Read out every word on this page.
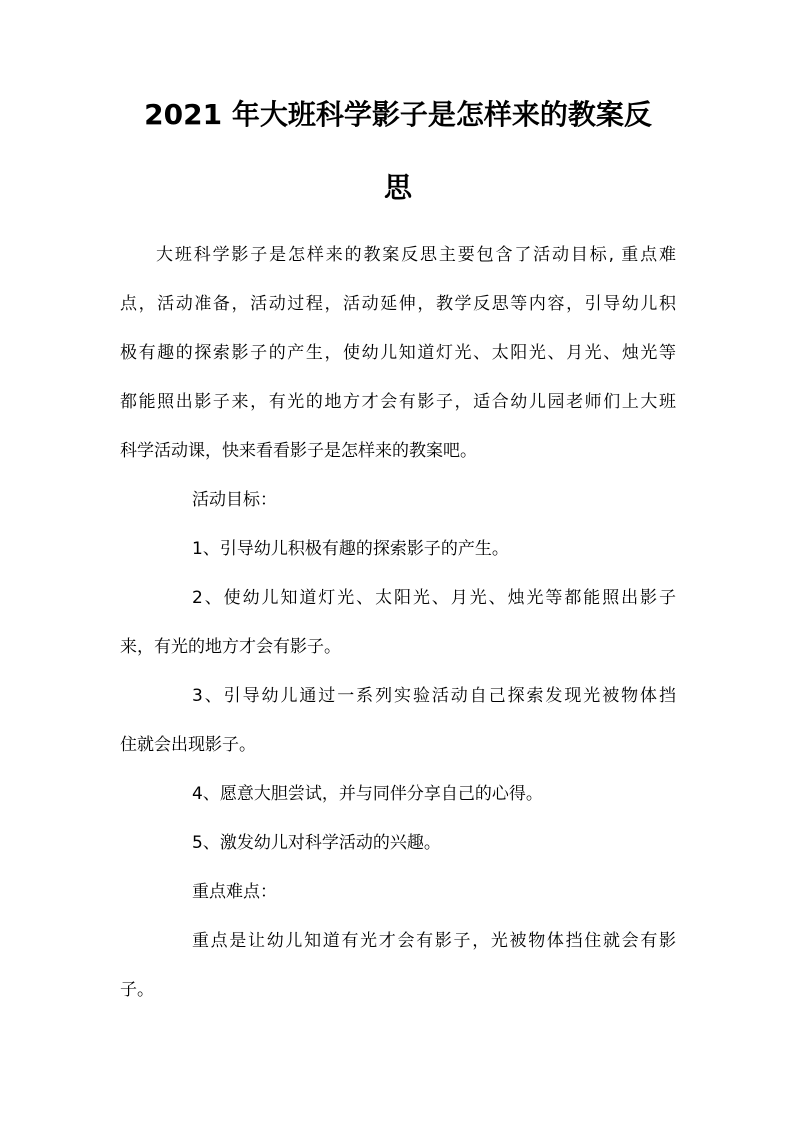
2021 年大班科学影子是怎样来的教案反
思
大班科学影子是怎样来的教案反思主要包含了活动目标, 重点难
点，活动准备，活动过程，活动延伸，教学反思等内容，引导幼儿积
极有趣的探索影子的产生，使幼儿知道灯光、太阳光、月光、烛光等
都能照出影子来，有光的地方才会有影子，适合幼儿园老师们上大班
科学活动课，快来看看影子是怎样来的教案吧。
活动目标：
1、引导幼儿积极有趣的探索影子的产生。
2、使幼儿知道灯光、太阳光、月光、烛光等都能照出影子
来，有光的地方才会有影子。
3、引导幼儿通过一系列实验活动自己探索发现光被物体挡
住就会出现影子。
4、愿意大胆尝试，并与同伴分享自己的心得。
5、激发幼儿对科学活动的兴趣。
重点难点：
重点是让幼儿知道有光才会有影子，光被物体挡住就会有影
子。
